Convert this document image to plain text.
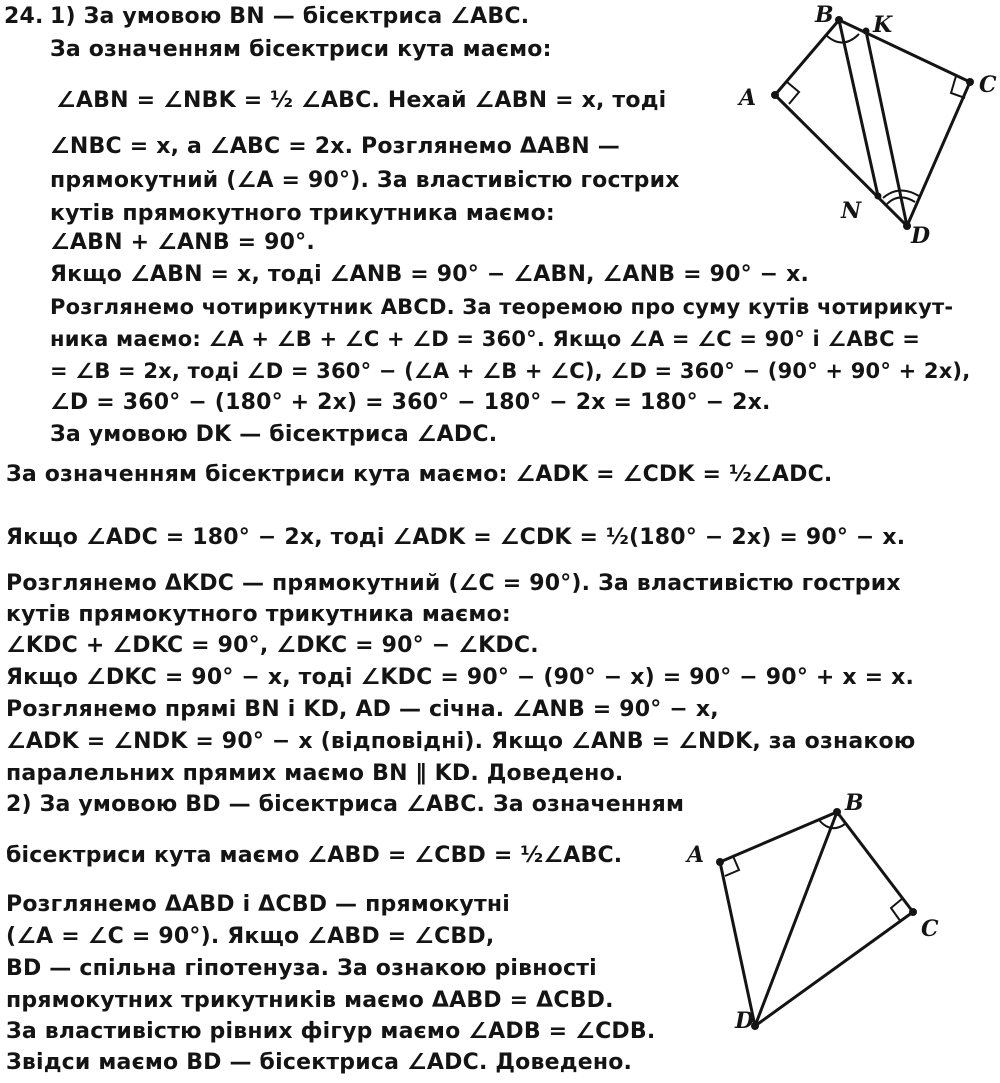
24. 1) За умовою BN — бісектриса ∠ABC.
За означенням бісектриси кута маємо:
∠ABN = ∠NBK = ½ ∠ABC. Нехай ∠ABN = x, тоді
∠NBC = x, а ∠ABC = 2x. Розглянемо ΔABN —
прямокутний (∠A = 90°). За властивістю гострих
кутів прямокутного трикутника маємо:
∠ABN + ∠ANB = 90°.
Якщо ∠ABN = x, тоді ∠ANB = 90° − ∠ABN, ∠ANB = 90° − x.
Розглянемо чотирикутник ABCD. За теоремою про суму кутів чотирикут-
ника маємо: ∠A + ∠B + ∠C + ∠D = 360°. Якщо ∠A = ∠C = 90° і ∠ABC =
= ∠B = 2x, тоді ∠D = 360° − (∠A + ∠B + ∠C), ∠D = 360° − (90° + 90° + 2x),
∠D = 360° − (180° + 2x) = 360° − 180° − 2x = 180° − 2x.
За умовою DK — бісектриса ∠ADC.
За означенням бісектриси кута маємо: ∠ADK = ∠CDK = ½∠ADC.
Якщо ∠ADC = 180° − 2x, тоді ∠ADK = ∠CDK = ½(180° − 2x) = 90° − x.
Розглянемо ΔKDC — прямокутний (∠C = 90°). За властивістю гострих
кутів прямокутного трикутника маємо:
∠KDC + ∠DKC = 90°, ∠DKC = 90° − ∠KDC.
Якщо ∠DKC = 90° − x, тоді ∠KDC = 90° − (90° − x) = 90° − 90° + x = x.
Розглянемо прямі BN і KD, AD — січна. ∠ANB = 90° − x,
∠ADK = ∠NDK = 90° − x (відповідні). Якщо ∠ANB = ∠NDK, за ознакою
паралельних прямих маємо BN ∥ KD. Доведено.
2) За умовою BD — бісектриса ∠ABC. За означенням
бісектриси кута маємо ∠ABD = ∠CBD = ½∠ABC.
Розглянемо ΔABD і ΔCBD — прямокутні
(∠A = ∠C = 90°). Якщо ∠ABD = ∠CBD,
BD — спільна гіпотенуза. За ознакою рівності
прямокутних трикутників маємо ΔABD = ΔCBD.
За властивістю рівних фігур маємо ∠ADB = ∠CDB.
Звідси маємо BD — бісектриса ∠ADC. Доведено.
A
B K
C
N
D
A
B
C
D
